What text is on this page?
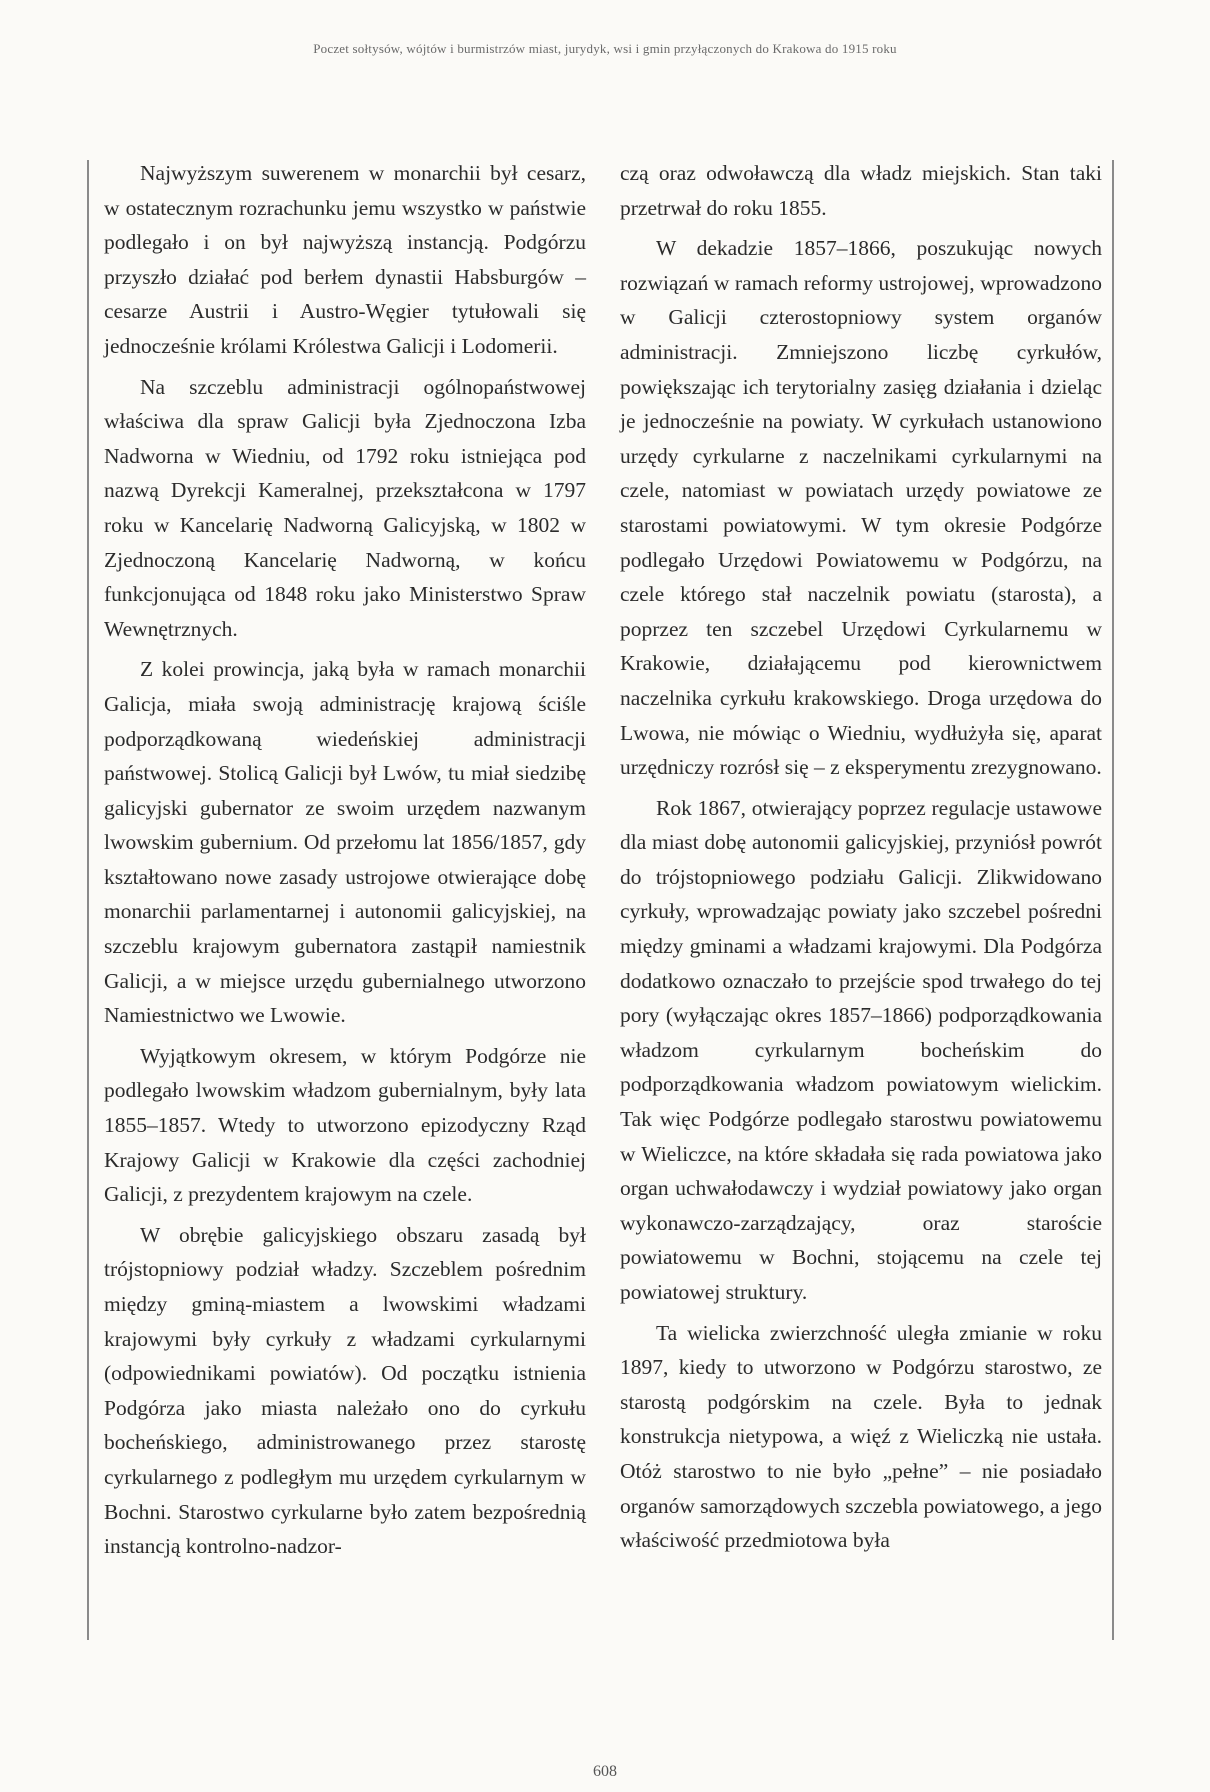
Poczet sołtysów, wójtów i burmistrzów miast, jurydyk, wsi i gmin przyłączonych do Krakowa do 1915 roku

Najwyższym suwerenem w monarchii był cesarz, w ostatecznym rozrachunku jemu wszystko w państwie podlegało i on był najwyższą instancją. Podgórzu przyszło działać pod berłem dynastii Habsburgów – cesarze Austrii i Austro-Węgier tytułowali się jednocześnie królami Królestwa Galicji i Lodomerii.

Na szczeblu administracji ogólnopaństwowej właściwa dla spraw Galicji była Zjednoczona Izba Nadworna w Wiedniu, od 1792 roku istniejąca pod nazwą Dyrekcji Kameralnej, przekształcona w 1797 roku w Kancelarię Nadworną Galicyjską, w 1802 w Zjednoczoną Kancelarię Nadworną, w końcu funkcjonująca od 1848 roku jako Ministerstwo Spraw Wewnętrznych.

Z kolei prowincja, jaką była w ramach monarchii Galicja, miała swoją administrację krajową ściśle podporządkowaną wiedeńskiej administracji państwowej. Stolicą Galicji był Lwów, tu miał siedzibę galicyjski gubernator ze swoim urzędem nazwanym lwowskim gubernium. Od przełomu lat 1856/1857, gdy kształtowano nowe zasady ustrojowe otwierające dobę monarchii parlamentarnej i autonomii galicyjskiej, na szczeblu krajowym gubernatora zastąpił namiestnik Galicji, a w miejsce urzędu gubernialnego utworzono Namiestnictwo we Lwowie.

Wyjątkowym okresem, w którym Podgórze nie podlegało lwowskim władzom gubernialnym, były lata 1855–1857. Wtedy to utworzono epizodyczny Rząd Krajowy Galicji w Krakowie dla części zachodniej Galicji, z prezydentem krajowym na czele.

W obrębie galicyjskiego obszaru zasadą był trójstopniowy podział władzy. Szczeblem pośrednim między gminą-miastem a lwowskimi władzami krajowymi były cyrkuły z władzami cyrkularnymi (odpowiednikami powiatów). Od początku istnienia Podgórza jako miasta należało ono do cyrkułu bocheńskiego, administrowanego przez starostę cyrkularnego z podległym mu urzędem cyrkularnym w Bochni. Starostwo cyrkularne było zatem bezpośrednią instancją kontrolno-nadzor-

czą oraz odwoławczą dla władz miejskich. Stan taki przetrwał do roku 1855.

W dekadzie 1857–1866, poszukując nowych rozwiązań w ramach reformy ustrojowej, wprowadzono w Galicji czterostopniowy system organów administracji. Zmniejszono liczbę cyrkułów, powiększając ich terytorialny zasięg działania i dzieląc je jednocześnie na powiaty. W cyrkułach ustanowiono urzędy cyrkularne z naczelnikami cyrkularnymi na czele, natomiast w powiatach urzędy powiatowe ze starostami powiatowymi. W tym okresie Podgórze podlegało Urzędowi Powiatowemu w Podgórzu, na czele którego stał naczelnik powiatu (starosta), a poprzez ten szczebel Urzędowi Cyrkularnemu w Krakowie, działającemu pod kierownictwem naczelnika cyrkułu krakowskiego. Droga urzędowa do Lwowa, nie mówiąc o Wiedniu, wydłużyła się, aparat urzędniczy rozrósł się – z eksperymentu zrezygnowano.

Rok 1867, otwierający poprzez regulacje ustawowe dla miast dobę autonomii galicyjskiej, przyniósł powrót do trójstopniowego podziału Galicji. Zlikwidowano cyrkuły, wprowadzając powiaty jako szczebel pośredni między gminami a władzami krajowymi. Dla Podgórza dodatkowo oznaczało to przejście spod trwałego do tej pory (wyłączając okres 1857–1866) podporządkowania władzom cyrkularnym bocheńskim do podporządkowania władzom powiatowym wielickim. Tak więc Podgórze podlegało starostwu powiatowemu w Wieliczce, na które składała się rada powiatowa jako organ uchwałodawczy i wydział powiatowy jako organ wykonawczo-zarządzający, oraz staroście powiatowemu w Bochni, stojącemu na czele tej powiatowej struktury.

Ta wielicka zwierzchność uległa zmianie w roku 1897, kiedy to utworzono w Podgórzu starostwo, ze starostą podgórskim na czele. Była to jednak konstrukcja nietypowa, a więź z Wieliczką nie ustała. Otóż starostwo to nie było „pełne” – nie posiadało organów samorządowych szczebla powiatowego, a jego właściwość przedmiotowa była

608
